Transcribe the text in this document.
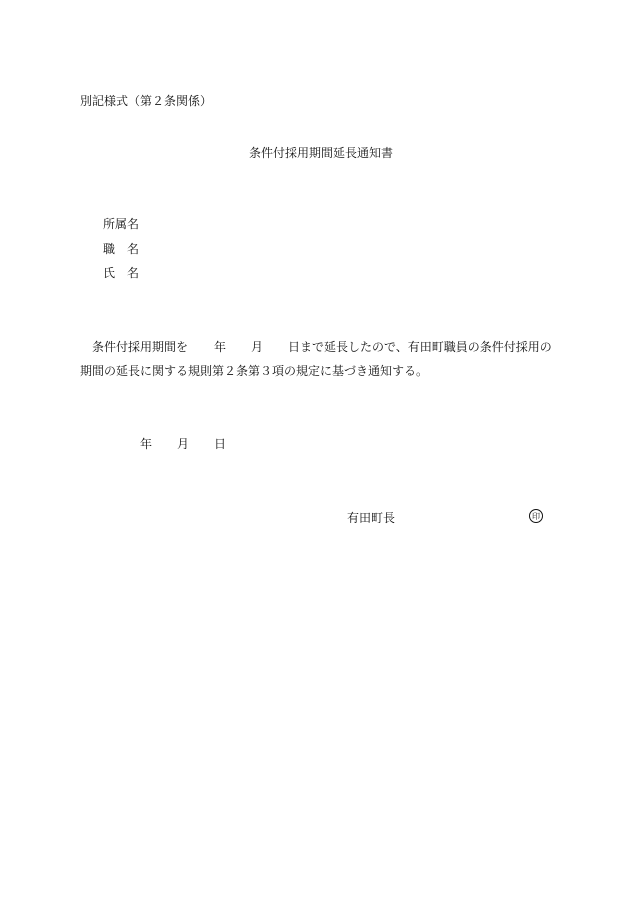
別記様式（第２条関係）
条件付採用期間延長通知書
所属名
職　名
氏　名
条件付採用期間を 年 月 日まで延長したので、有田町職員の条件付採用の
期間の延長に関する規則第２条第３項の規定に基づき通知する。
年 月 日
有田町長	印
